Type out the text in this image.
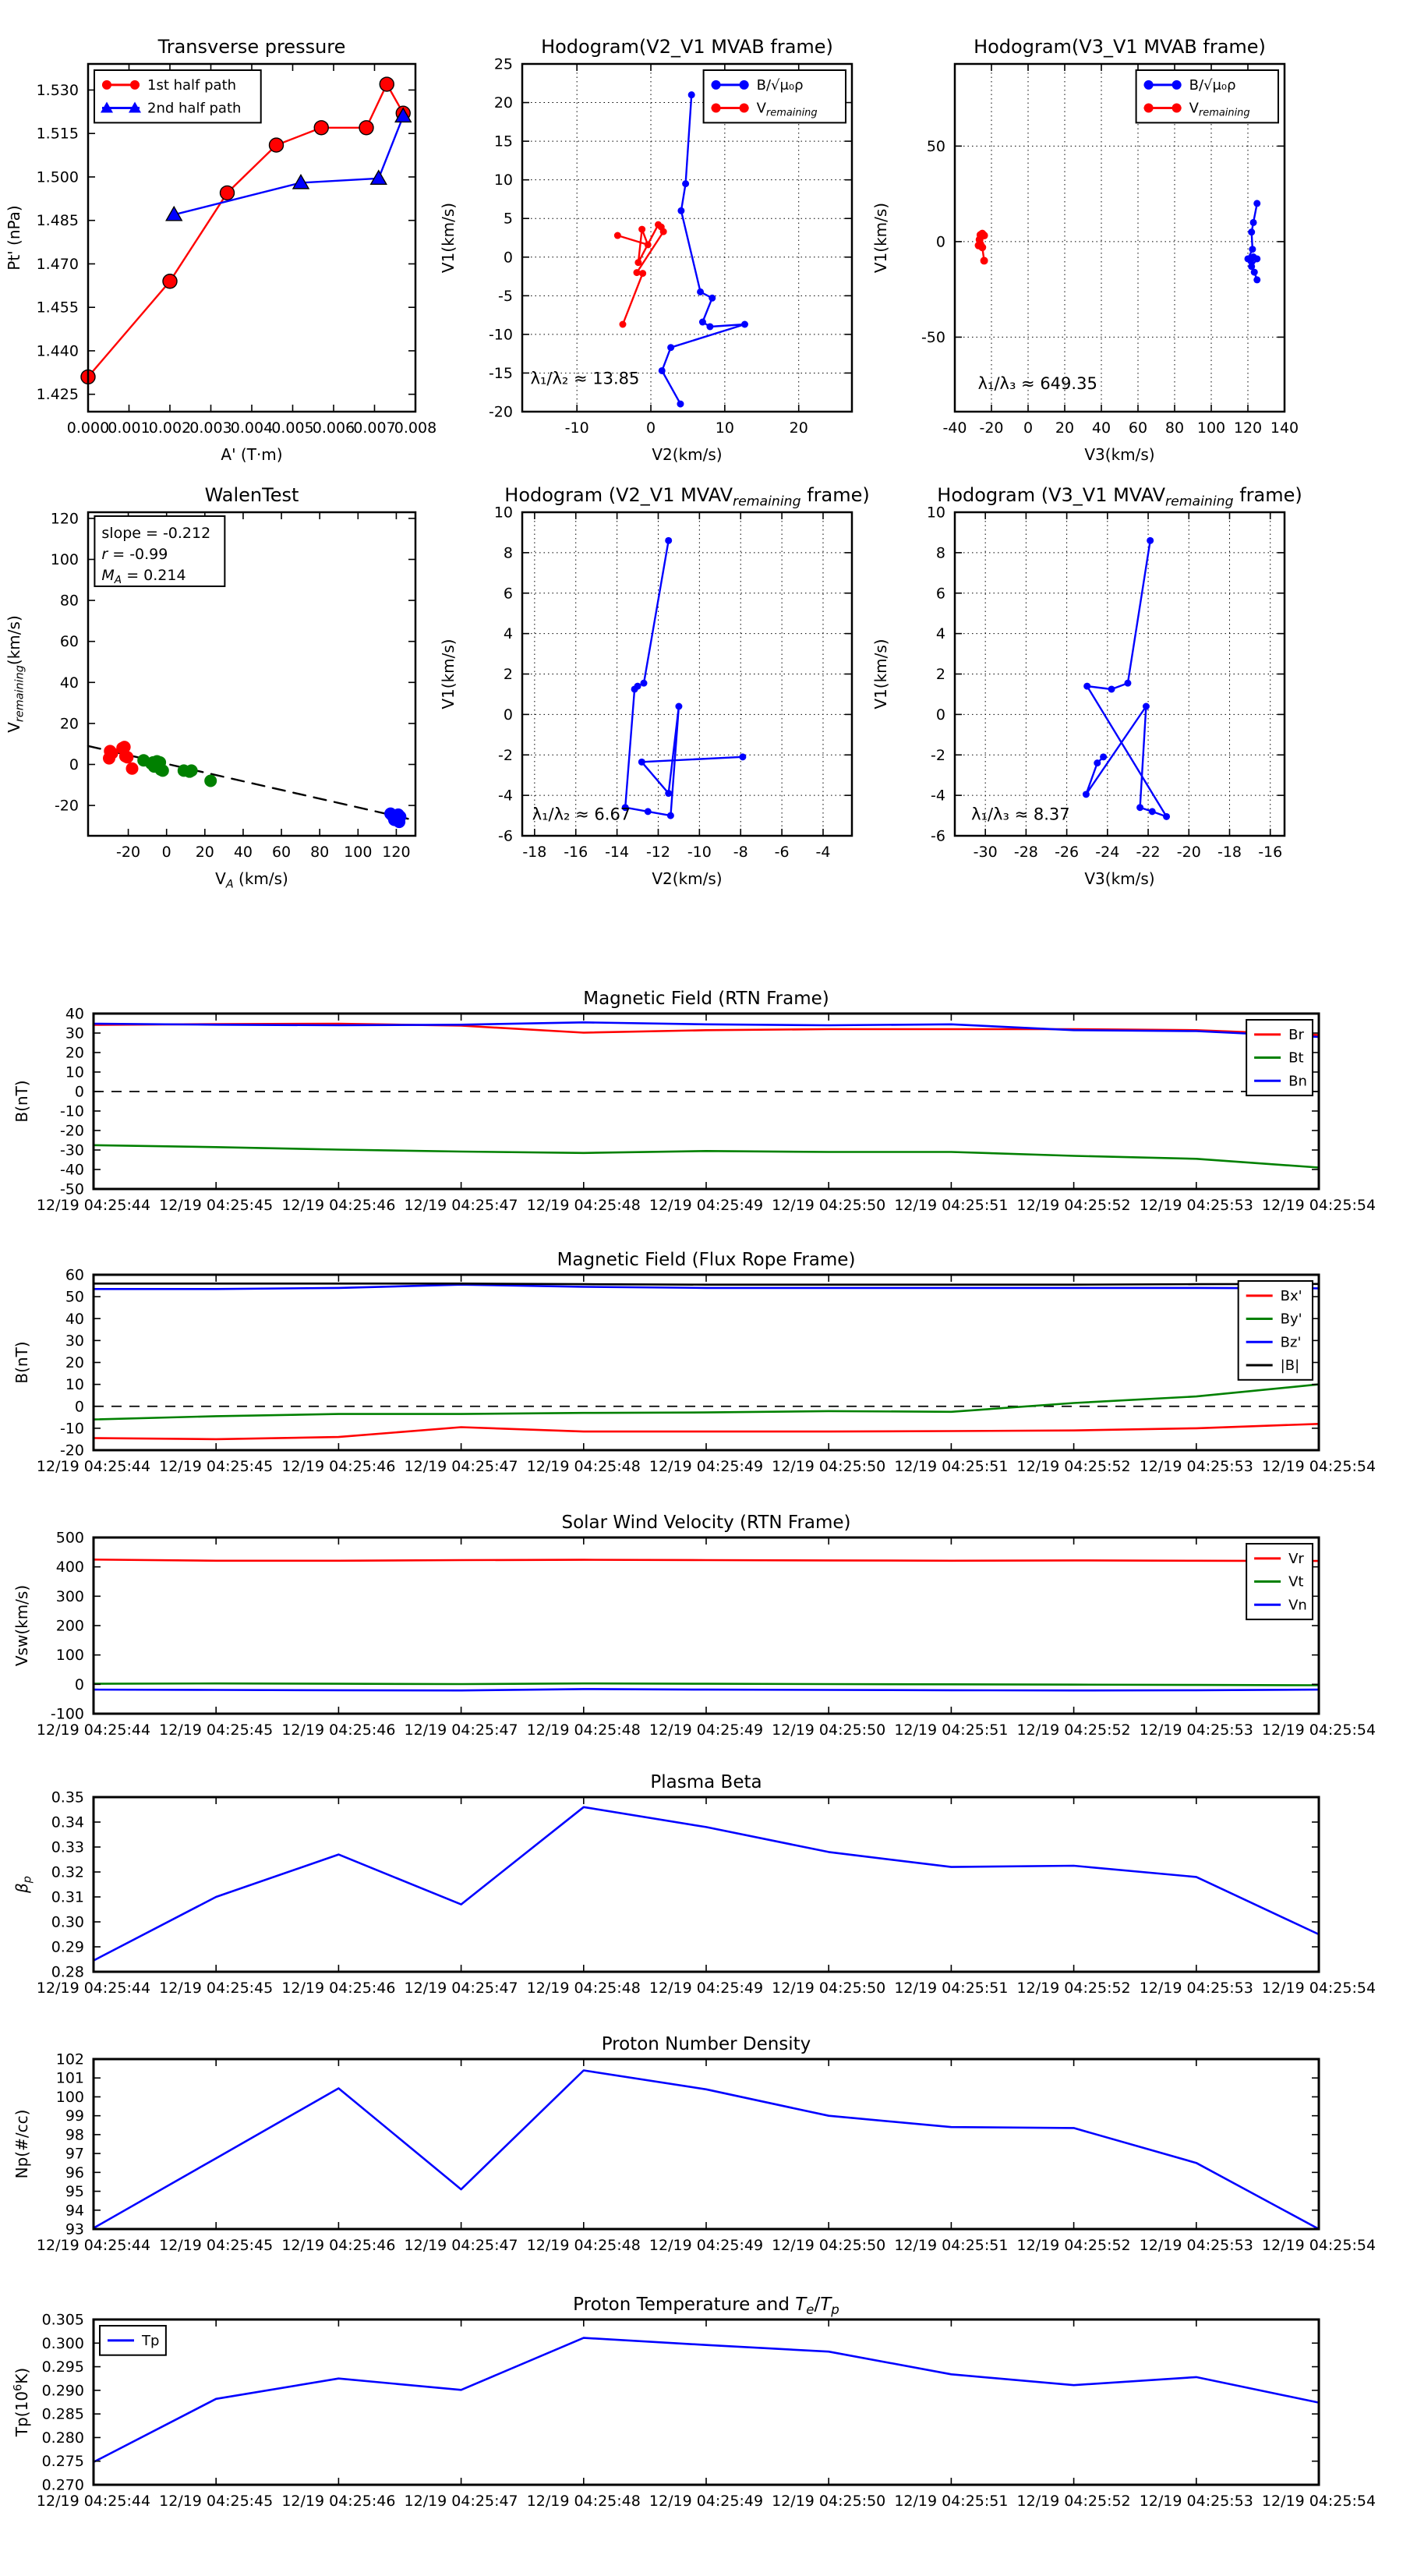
0.000
0.001
0.002
0.003
0.004
0.005
0.006
0.007
0.008
1.425
1.440
1.455
1.470
1.485
1.500
1.515
1.530
Transverse pressure
A' (T·m)
Pt' (nPa)
1st half path
2nd half path
-10	0	10	20
-20
-15
-10
-5
0
5
10
15
20
25
Hodogram(V2_V1 MVAB frame)
V2(km/s)
V1(km/s)
λ₁/λ₂ ≈ 13.85
B/√μ₀ρ
$V_{remaining}$
-40 -20 0 20 40 60 80 100 120 140
-50
0
50
Hodogram(V3_V1 MVAB frame)
V3(km/s)
V1(km/s)
λ₁/λ₃ ≈ 649.35
B/√μ₀ρ
$V_{remaining}$
-20 0 20 40 60 80 100 120
-20
0
20
40
60
80
100
120
WalenTest
$V_A$ (km/s)
$V_{remaining}(km/s)$
slope = -0.212
r = -0.99
$M_A = 0.214$
-18 -16 -14 -12 -10 -8 -6 -4
-6
-4
-2
0
2
4
6
8
10
Hodogram (V2_V1 $MVAV_{remaining}$ frame)
V2(km/s)
V1(km/s)
λ₁/λ₂ ≈ 6.67
-30 -28 -26 -24 -22 -20 -18 -16
-6
-4
-2
0
2
4
6
8
10
Hodogram (V3_V1 $MVAV_{remaining}$ frame)
V3(km/s)
V1(km/s)
λ₁/λ₃ ≈ 8.37
12/19 04:25:44 12/19 04:25:45 12/19 04:25:46 12/19 04:25:47 12/19 04:25:48 12/19 04:25:49 12/19 04:25:50 12/19 04:25:51 12/19 04:25:52 12/19 04:25:53 12/19 04:25:54
-50
-40
-30
-20
-10
0
10
20
30
40
Magnetic Field (RTN Frame)
B(nT)
Br
Bt
Bn
12/19 04:25:44 12/19 04:25:45 12/19 04:25:46 12/19 04:25:47 12/19 04:25:48 12/19 04:25:49 12/19 04:25:50 12/19 04:25:51 12/19 04:25:52 12/19 04:25:53 12/19 04:25:54
-20
-10
0
10
20
30
40
50
60
Magnetic Field (Flux Rope Frame)
B(nT)
Bx'
By'
Bz'
|B|
12/19 04:25:44 12/19 04:25:45 12/19 04:25:46 12/19 04:25:47 12/19 04:25:48 12/19 04:25:49 12/19 04:25:50 12/19 04:25:51 12/19 04:25:52 12/19 04:25:53 12/19 04:25:54
-100
0
100
200
300
400
500
Solar Wind Velocity (RTN Frame)
Vsw(km/s)
Vr
Vt
Vn
12/19 04:25:44 12/19 04:25:45 12/19 04:25:46 12/19 04:25:47 12/19 04:25:48 12/19 04:25:49 12/19 04:25:50 12/19 04:25:51 12/19 04:25:52 12/19 04:25:53 12/19 04:25:54
0.28
0.29
0.30
0.31
0.32
0.33
0.34
0.35
Plasma Beta
$\beta_p$
12/19 04:25:44 12/19 04:25:45 12/19 04:25:46 12/19 04:25:47 12/19 04:25:48 12/19 04:25:49 12/19 04:25:50 12/19 04:25:51 12/19 04:25:52 12/19 04:25:53 12/19 04:25:54
93
94
95
96
97
98
99
100
101
102
Proton Number Density
Np(#/cc)
12/19 04:25:44 12/19 04:25:45 12/19 04:25:46 12/19 04:25:47 12/19 04:25:48 12/19 04:25:49 12/19 04:25:50 12/19 04:25:51 12/19 04:25:52 12/19 04:25:53 12/19 04:25:54
0.270
0.275
0.280
0.285
0.290
0.295
0.300
0.305
Proton Temperature and $T_e/T_p$
$Tp(10^6K)$
Tp
